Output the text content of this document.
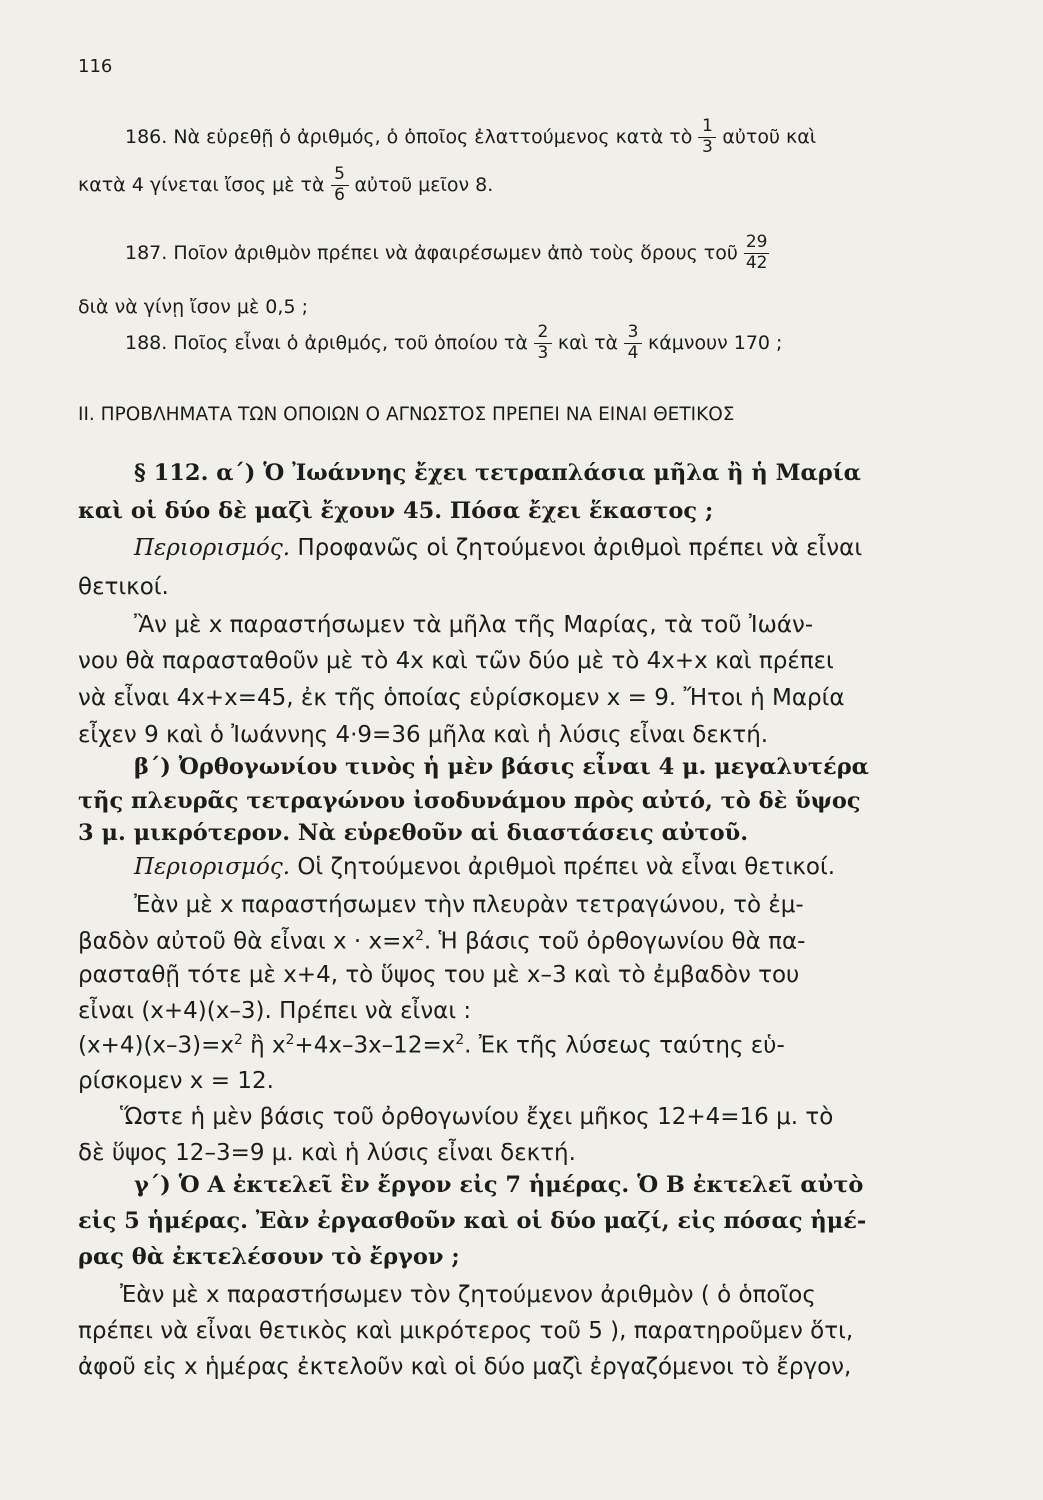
116
186. Νὰ εὑρεθῇ ὁ ἀριθμός, ὁ ὁποῖος ἐλαττούμενος κατὰ τὸ $\frac{1}{3}$ αὐτοῦ καὶ
κατὰ 4 γίνεται ἴσος μὲ τὰ $\frac{5}{6}$ αὐτοῦ μεῖον 8.
187. Ποῖον ἀριθμὸν πρέπει νὰ ἀφαιρέσωμεν ἀπὸ τοὺς ὅρους τοῦ $\frac{29}{42}$
διὰ νὰ γίνῃ ἴσον μὲ 0,5 ;
188. Ποῖος εἶναι ὁ ἀριθμός, τοῦ ὁποίου τὰ $\frac{2}{3}$ καὶ τὰ $\frac{3}{4}$ κάμνουν 170 ;
II. ΠΡΟΒΛΗΜΑΤΑ ΤΩΝ ΟΠΟΙΩΝ Ο ΑΓΝΩΣΤΟΣ ΠΡΕΠΕΙ ΝΑ ΕΙΝΑΙ ΘΕΤΙΚΟΣ
§ 112. α΄) Ὁ Ἰωάννης ἔχει τετραπλάσια μῆλα ἢ ἡ Μαρία
καὶ οἱ δύο δὲ μαζὶ ἔχουν 45. Πόσα ἔχει ἕκαστος ;
Περιορισμός. Προφανῶς οἱ ζητούμενοι ἀριθμοὶ πρέπει νὰ εἶναι
θετικοί.
Ἂν μὲ x παραστήσωμεν τὰ μῆλα τῆς Μαρίας, τὰ τοῦ Ἰωάν-
νου θὰ παρασταθοῦν μὲ τὸ 4x καὶ τῶν δύο μὲ τὸ 4x+x καὶ πρέπει
νὰ εἶναι 4x+x=45, ἐκ τῆς ὁποίας εὑρίσκομεν x = 9. Ἤτοι ἡ Μαρία
εἶχεν 9 καὶ ὁ Ἰωάννης 4·9=36 μῆλα καὶ ἡ λύσις εἶναι δεκτή.
β΄) Ὀρθογωνίου τινὸς ἡ μὲν βάσις εἶναι 4 μ. μεγαλυτέρα
τῆς πλευρᾶς τετραγώνου ἰσοδυνάμου πρὸς αὐτό, τὸ δὲ ὕψος
3 μ. μικρότερον. Νὰ εὑρεθοῦν αἱ διαστάσεις αὐτοῦ.
Περιορισμός. Οἱ ζητούμενοι ἀριθμοὶ πρέπει νὰ εἶναι θετικοί.
Ἐὰν μὲ x παραστήσωμεν τὴν πλευρὰν τετραγώνου, τὸ ἐμ-
βαδὸν αὐτοῦ θὰ εἶναι $x \cdot x=x^2$. Ἡ βάσις τοῦ ὀρθογωνίου θὰ πα-
ρασταθῇ τότε μὲ x+4, τὸ ὕψος του μὲ x–3 καὶ τὸ ἐμβαδὸν του
εἶναι (x+4)(x–3). Πρέπει νὰ εἶναι :
$(x+4)(x-3)=x^2$ ἢ $x^2+4x-3x-12=x^2$. Ἐκ τῆς λύσεως ταύτης εὑ-
ρίσκομεν x = 12.
Ὥστε ἡ μὲν βάσις τοῦ ὀρθογωνίου ἔχει μῆκος 12+4=16 μ. τὸ
δὲ ὕψος 12–3=9 μ. καὶ ἡ λύσις εἶναι δεκτή.
γ΄) Ὁ Α ἐκτελεῖ ἓν ἔργον εἰς 7 ἡμέρας. Ὁ Β ἐκτελεῖ αὐτὸ
εἰς 5 ἡμέρας. Ἐὰν ἐργασθοῦν καὶ οἱ δύο μαζί, εἰς πόσας ἡμέ-
ρας θὰ ἐκτελέσουν τὸ ἔργον ;
Ἐὰν μὲ x παραστήσωμεν τὸν ζητούμενον ἀριθμὸν ( ὁ ὁποῖος
πρέπει νὰ εἶναι θετικὸς καὶ μικρότερος τοῦ 5 ), παρατηροῦμεν ὅτι,
ἀφοῦ εἰς x ἡμέρας ἐκτελοῦν καὶ οἱ δύο μαζὶ ἐργαζόμενοι τὸ ἔργον,
